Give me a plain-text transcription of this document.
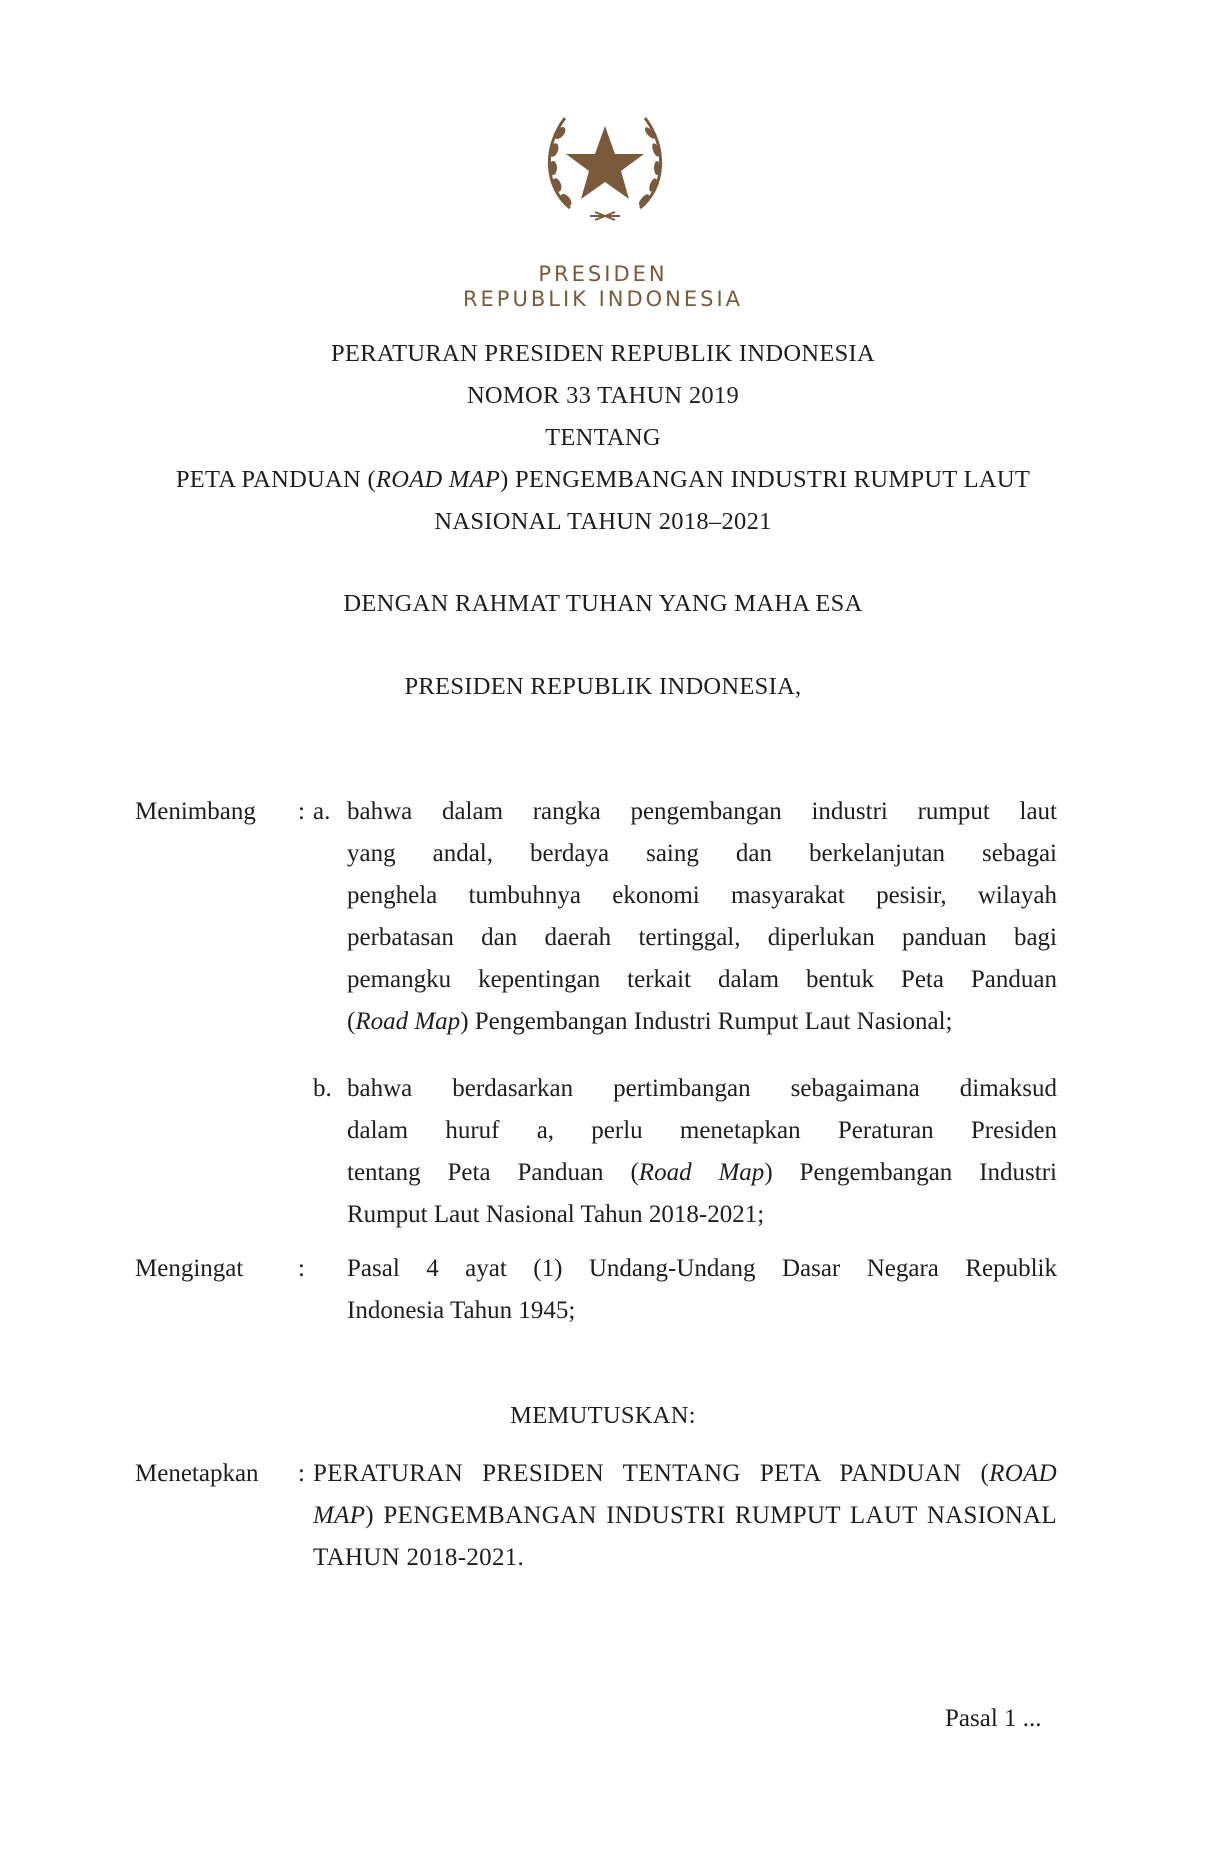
PRESIDEN
REPUBLIK INDONESIA
PERATURAN PRESIDEN REPUBLIK INDONESIA
NOMOR 33 TAHUN 2019
TENTANG
PETA PANDUAN (ROAD MAP) PENGEMBANGAN INDUSTRI RUMPUT LAUT
NASIONAL TAHUN 2018–2021
DENGAN RAHMAT TUHAN YANG MAHA ESA
PRESIDEN REPUBLIK INDONESIA,
Menimbang : a. bahwa dalam rangka pengembangan industri rumput laut
yang andal, berdaya saing dan berkelanjutan sebagai
penghela tumbuhnya ekonomi masyarakat pesisir, wilayah
perbatasan dan daerah tertinggal, diperlukan panduan bagi
pemangku kepentingan terkait dalam bentuk Peta Panduan
(Road Map) Pengembangan Industri Rumput Laut Nasional;
b. bahwa berdasarkan pertimbangan sebagaimana dimaksud
dalam huruf a, perlu menetapkan Peraturan Presiden
tentang Peta Panduan (Road Map) Pengembangan Industri
Rumput Laut Nasional Tahun 2018-2021;
Mengingat : Pasal 4 ayat (1) Undang-Undang Dasar Negara Republik
Indonesia Tahun 1945;
MEMUTUSKAN:
Menetapkan : PERATURAN PRESIDEN TENTANG PETA PANDUAN (ROAD
MAP) PENGEMBANGAN INDUSTRI RUMPUT LAUT NASIONAL
TAHUN 2018-2021.
Pasal 1 ...
